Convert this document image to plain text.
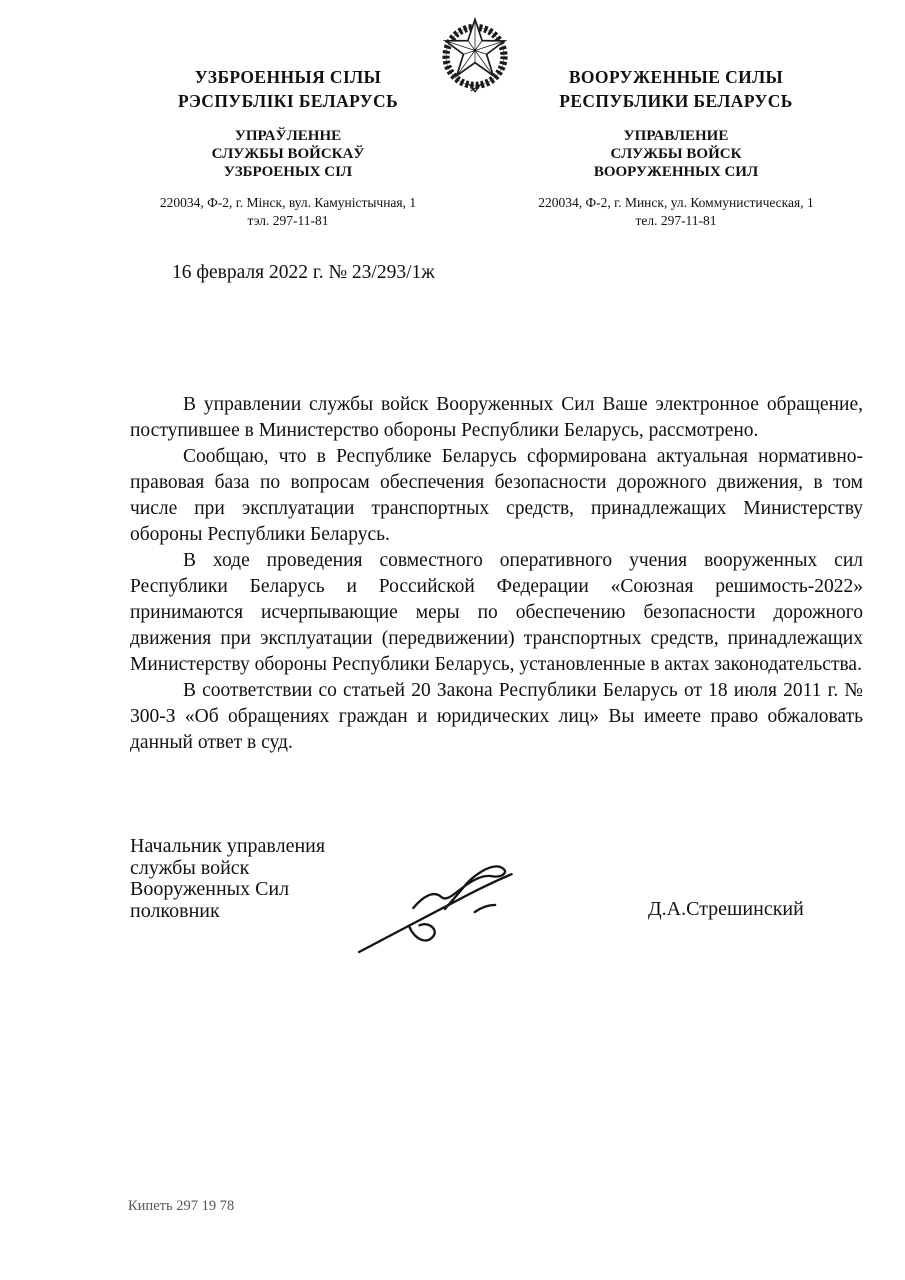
УЗБРОЕННЫЯ СІЛЫ
РЭСПУБЛІКІ БЕЛАРУСЬ
УПРАЎЛЕННЕ
СЛУЖБЫ ВОЙСКАЎ
УЗБРОЕНЫХ СІЛ
220034, Ф-2, г. Мінск, вул. Камуністычная, 1
тэл. 297-11-81
ВООРУЖЕННЫЕ СИЛЫ
РЕСПУБЛИКИ БЕЛАРУСЬ
УПРАВЛЕНИЕ
СЛУЖБЫ ВОЙСК
ВООРУЖЕННЫХ СИЛ
220034, Ф-2, г. Минск, ул. Коммунистическая, 1
тел. 297-11-81
16 февраля 2022 г. № 23/293/1ж

В управлении службы войск Вооруженных Сил Ваше электронное обращение, поступившее в Министерство обороны Республики Беларусь, рассмотрено.

Сообщаю, что в Республике Беларусь сформирована актуальная нормативно-правовая база по вопросам обеспечения безопасности дорожного движения, в том числе при эксплуатации транспортных средств, принадлежащих Министерству обороны Республики Беларусь.

В ходе проведения совместного оперативного учения вооруженных сил Республики Беларусь и Российской Федерации «Союзная решимость-2022» принимаются исчерпывающие меры по обеспечению безопасности дорожного движения при эксплуатации (передвижении) транспортных средств, принадлежащих Министерству обороны Республики Беларусь, установленные в актах законодательства.

В соответствии со статьей 20 Закона Республики Беларусь от 18 июля 2011 г. № 300-З «Об обращениях граждан и юридических лиц» Вы имеете право обжаловать данный ответ в суд.

Начальник управления
службы войск
Вооруженных Сил
полковник	Д.А.Стрешинский
Кипеть 297 19 78
